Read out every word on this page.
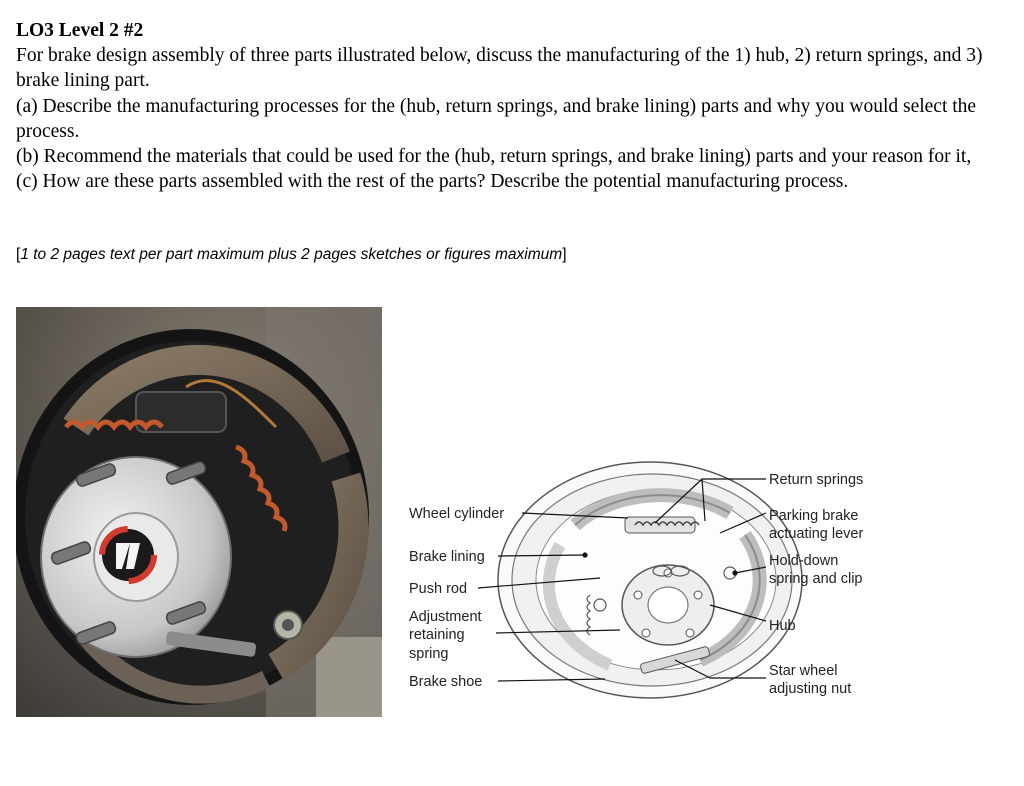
LO3 Level 2 #2

For brake design assembly of three parts illustrated below, discuss the manufacturing of the 1) hub, 2) return springs, and 3) brake lining part.

(a) Describe the manufacturing processes for the (hub, return springs, and brake lining) parts and why you would select the process.

(b) Recommend the materials that could be used for the (hub, return springs, and brake lining) parts and your reason for it,

(c) How are these parts assembled with the rest of the parts? Describe the potential manufacturing process.

[1 to 2 pages text per part maximum plus 2 pages sketches or figures maximum]
Wheel cylinder
Brake lining
Push rod
Adjustment
retaining
spring
Brake shoe
Return springs
Parking brake
actuating lever
Hold-down
spring and clip
Hub
Star wheel
adjusting nut
